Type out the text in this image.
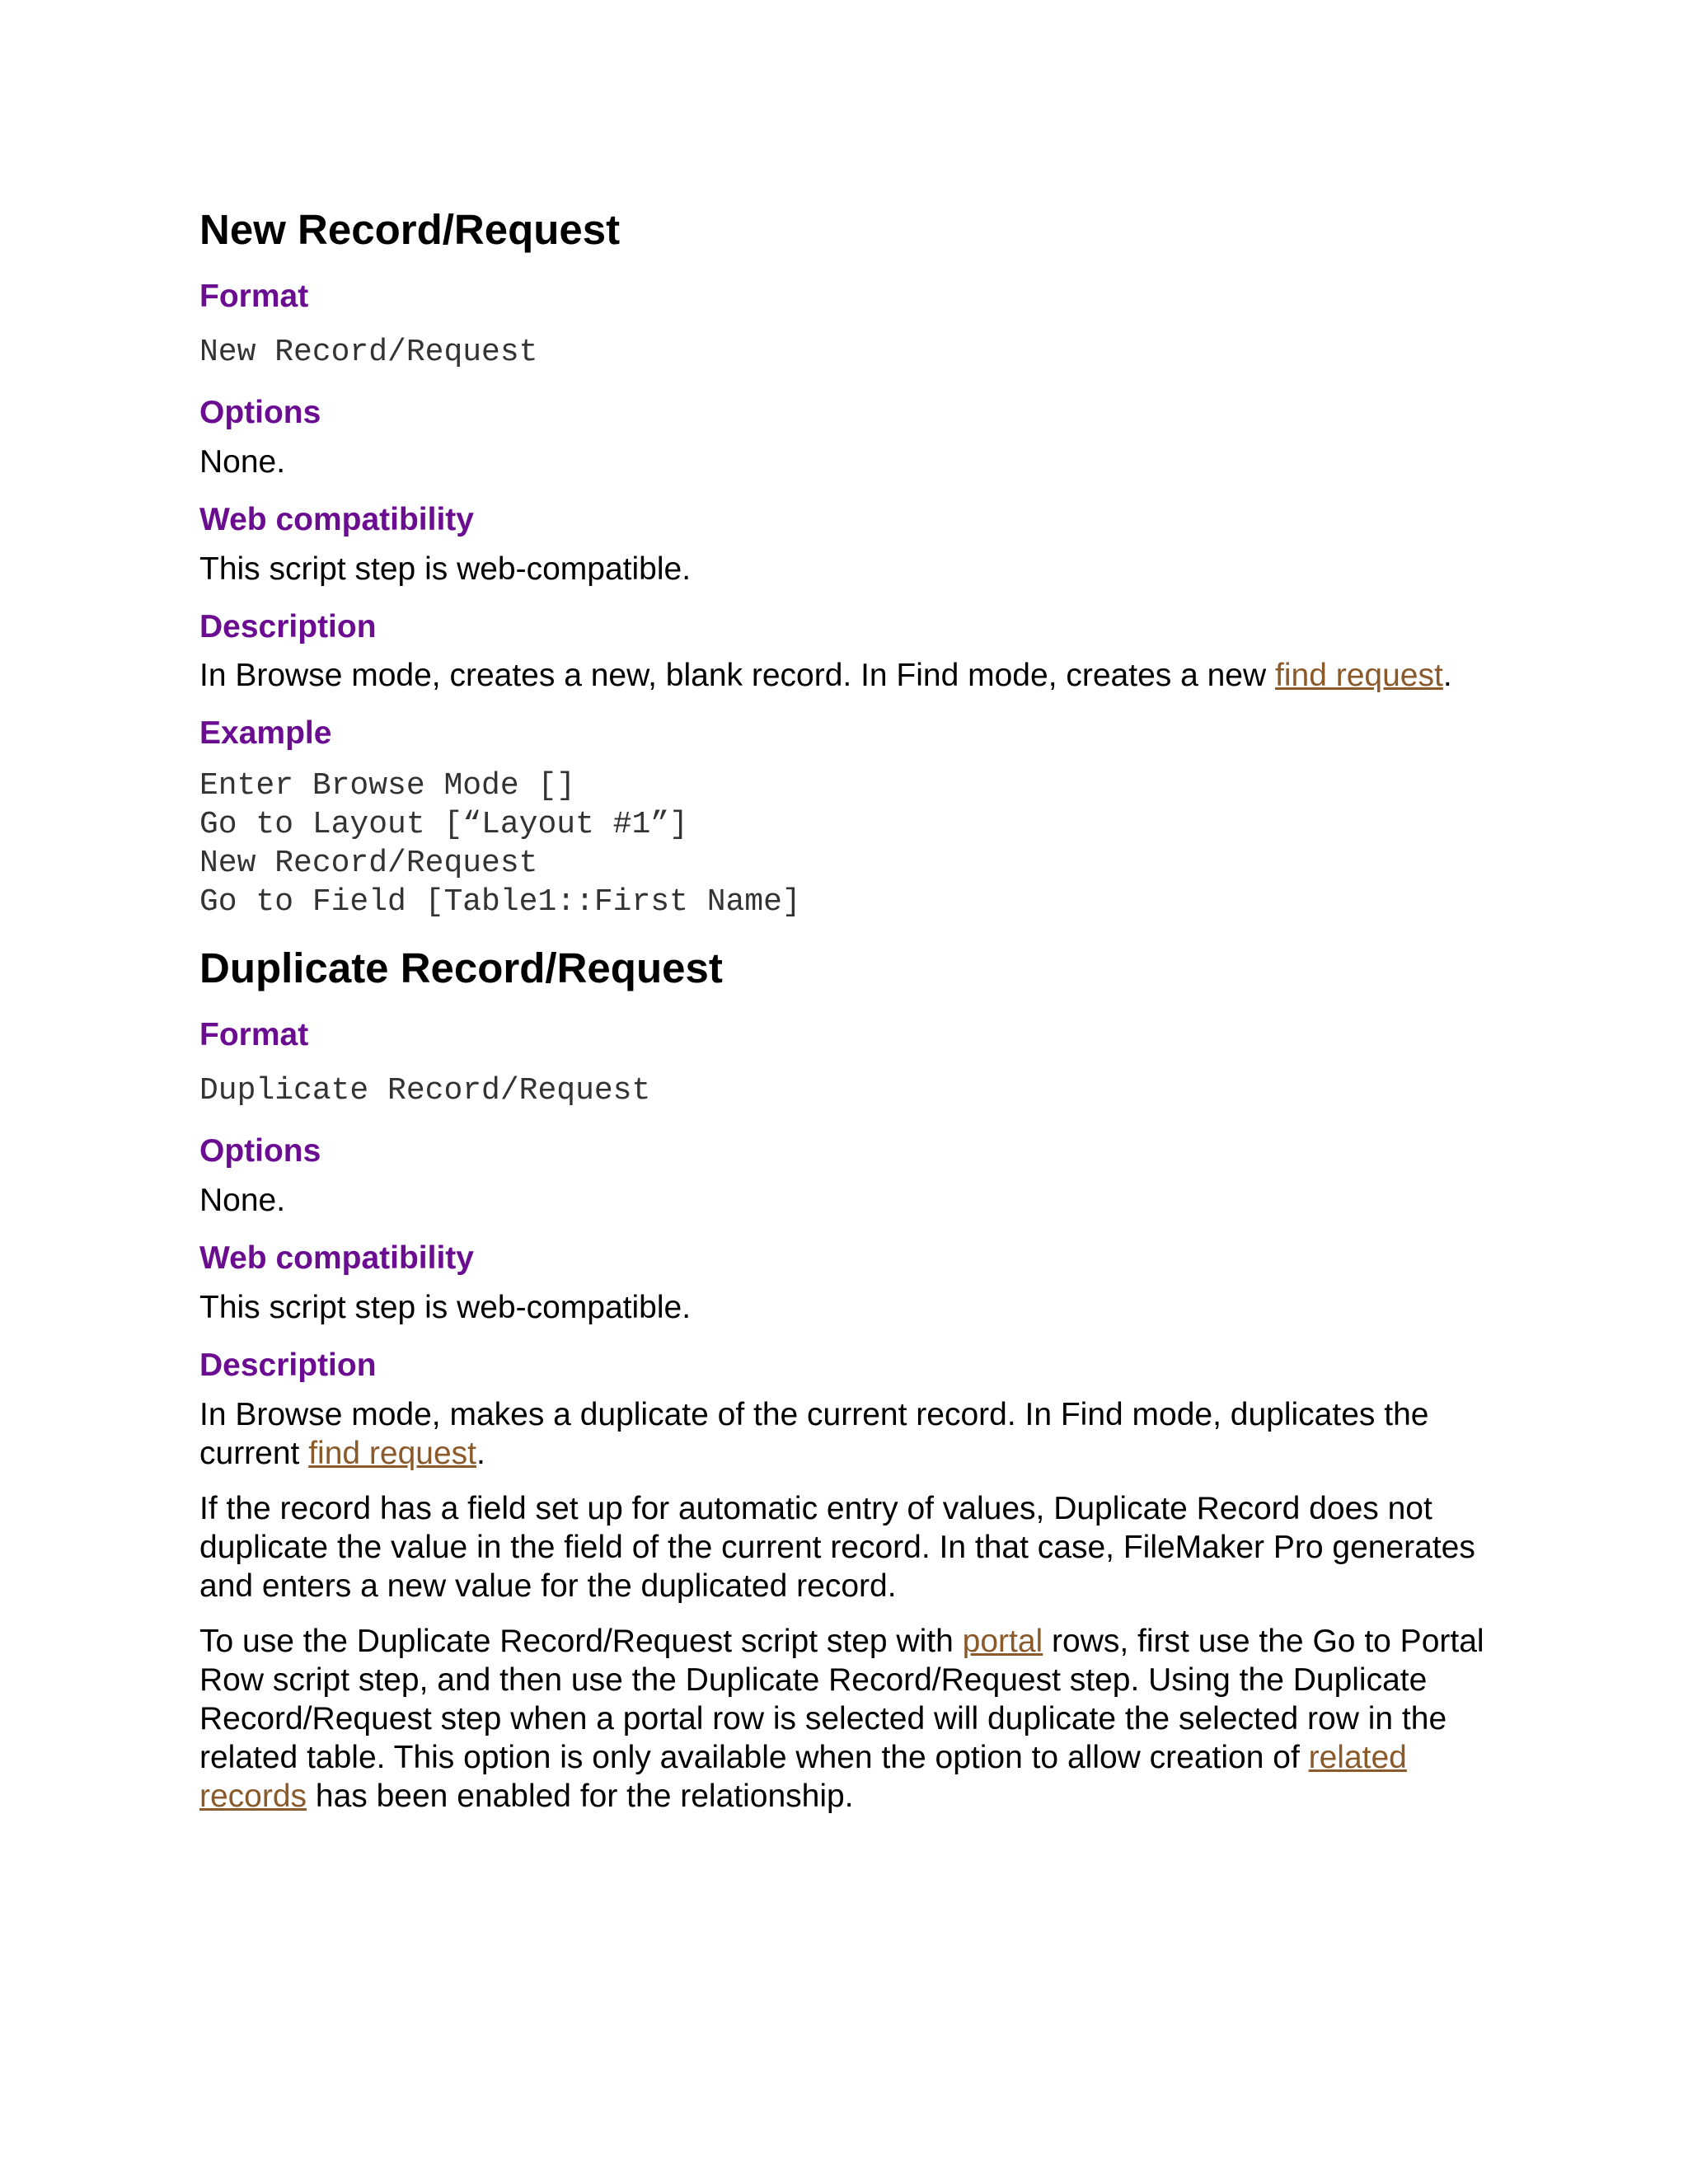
New Record/Request
Format
New Record/Request
Options

None.

Web compatibility

This script step is web-compatible.

Description

In Browse mode, creates a new, blank record. In Find mode, creates a new find request.

Example
Enter Browse Mode []
Go to Layout [“Layout #1”]
New Record/Request
Go to Field [Table1::First Name]
Duplicate Record/Request
Format
Duplicate Record/Request
Options

None.

Web compatibility

This script step is web-compatible.

Description

In Browse mode, makes a duplicate of the current record. In Find mode, duplicates the current find request.

If the record has a field set up for automatic entry of values, Duplicate Record does not duplicate the value in the field of the current record. In that case, FileMaker Pro generates and enters a new value for the duplicated record.

To use the Duplicate Record/Request script step with portal rows, first use the Go to Portal Row script step, and then use the Duplicate Record/Request step. Using the Duplicate Record/Request step when a portal row is selected will duplicate the selected row in the related table. This option is only available when the option to allow creation of related records has been enabled for the relationship.
